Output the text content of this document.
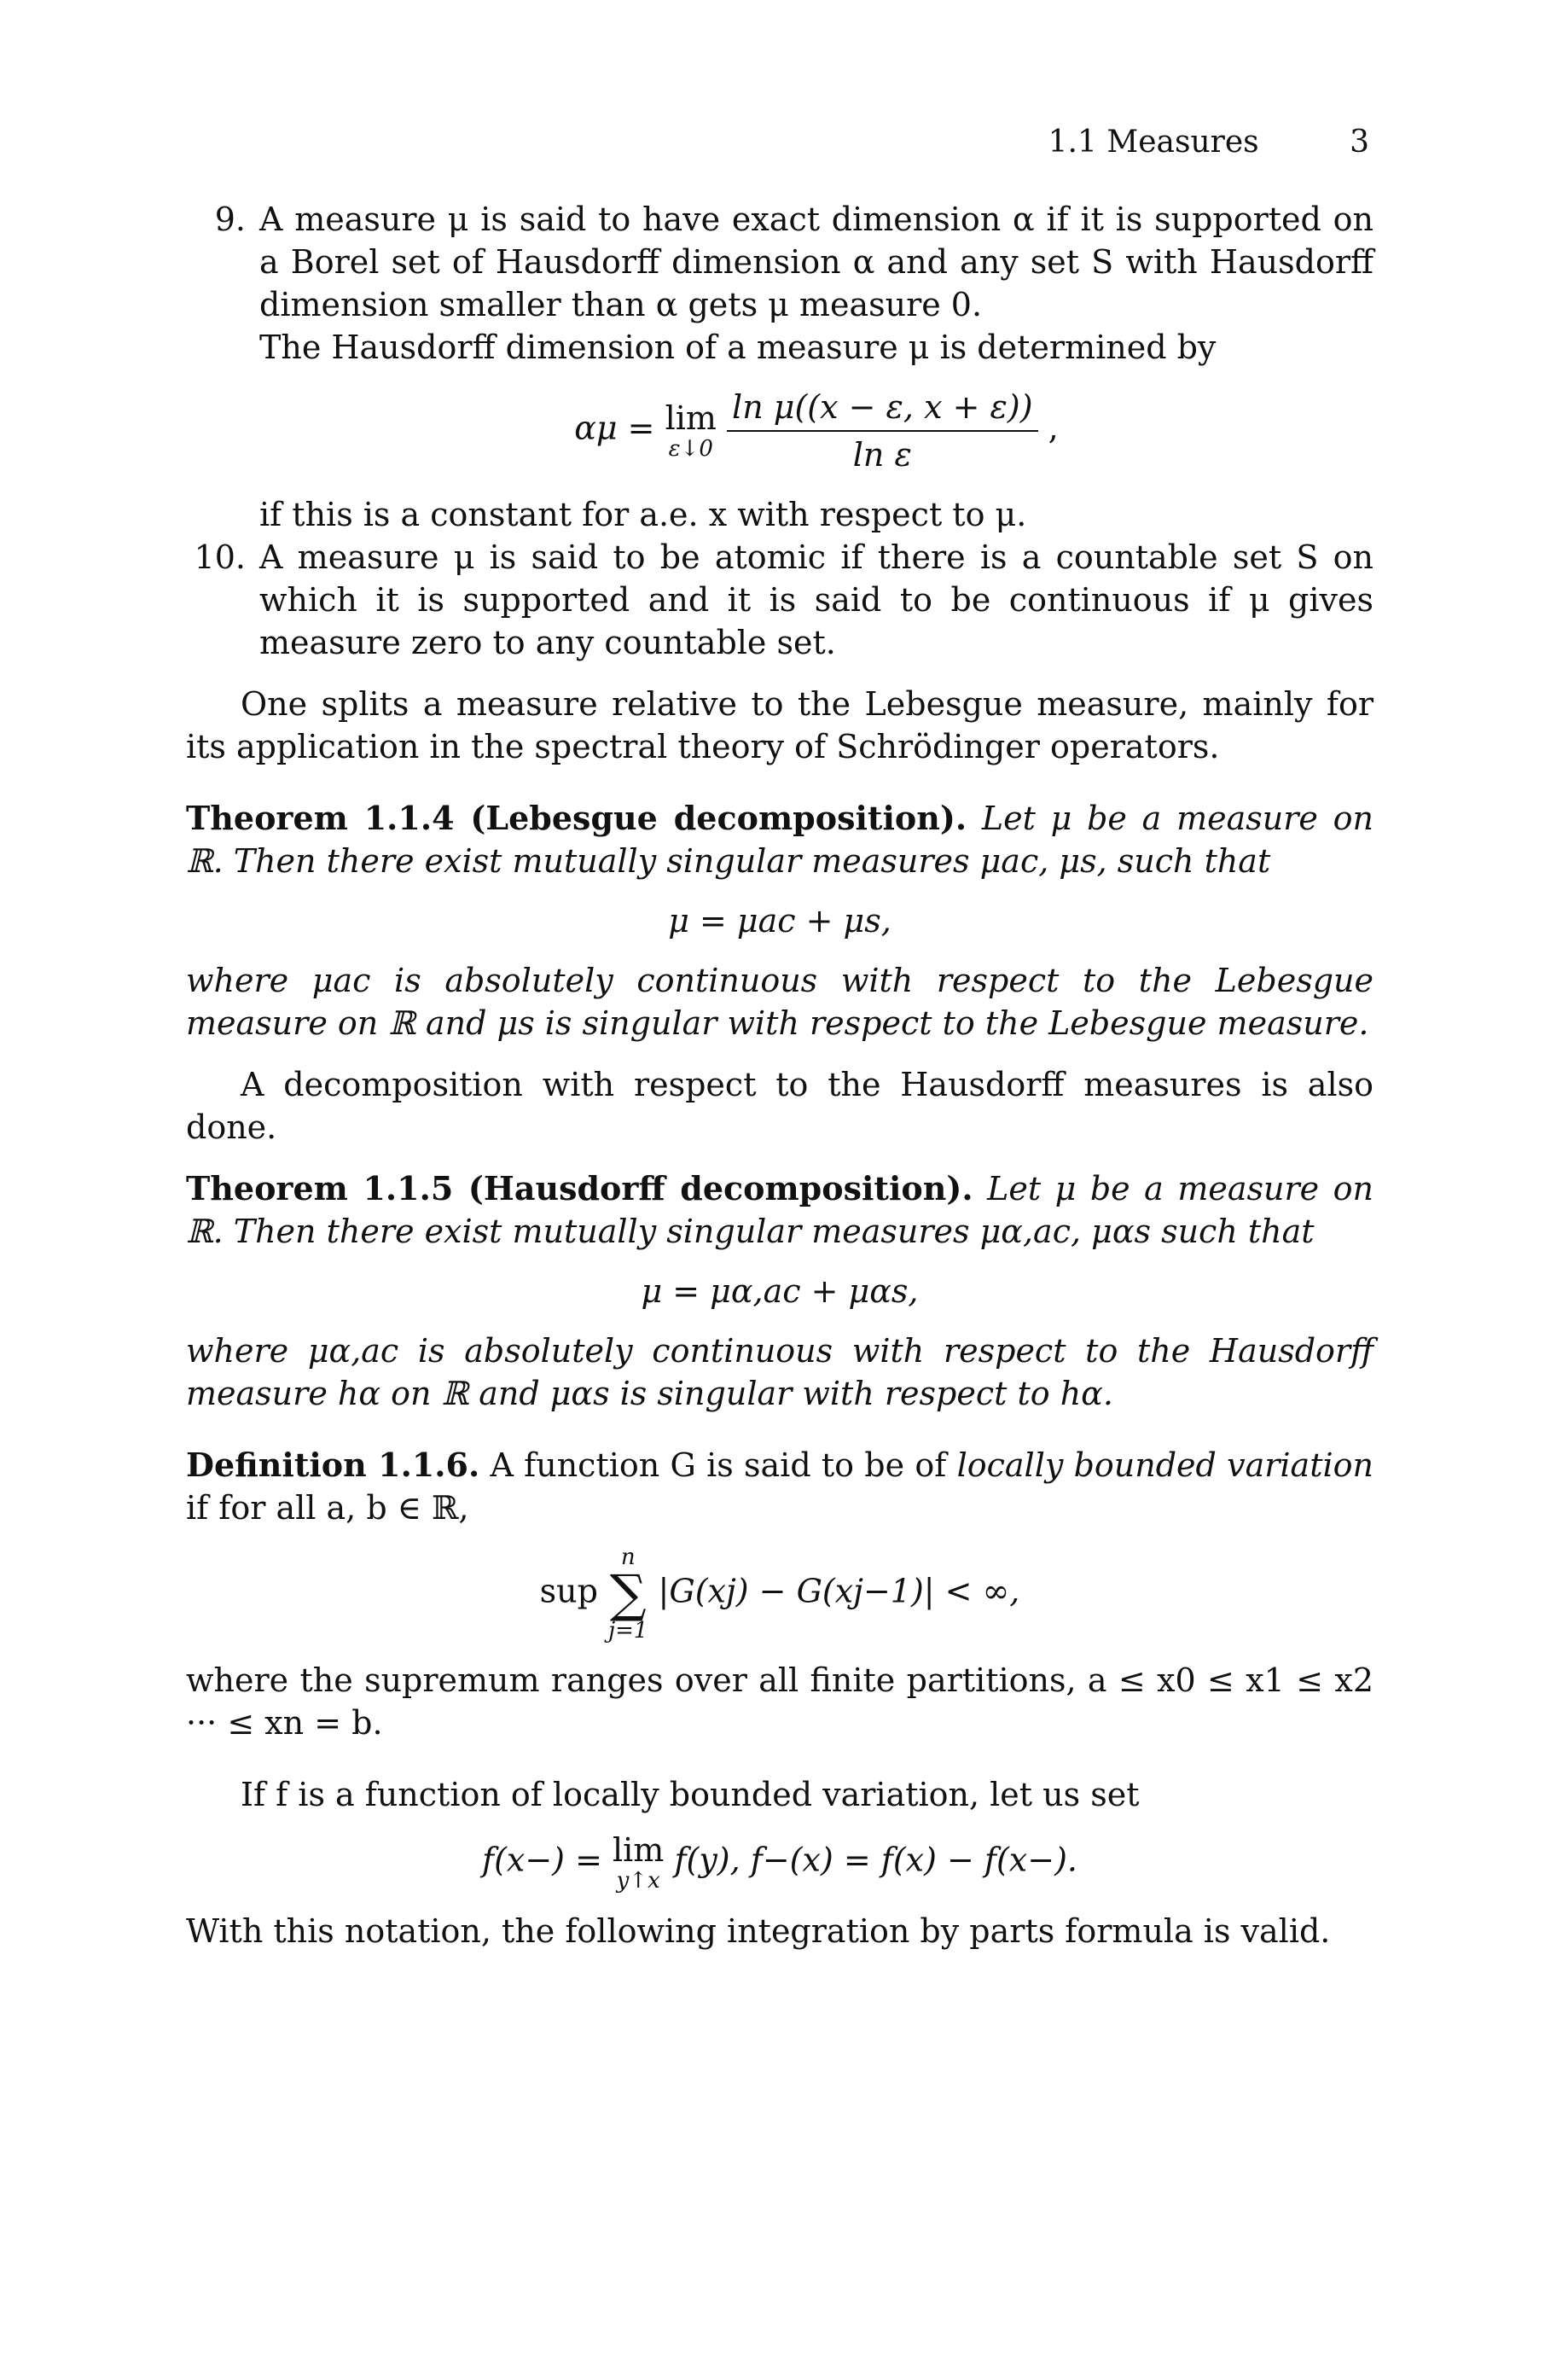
1.1 Measures	3
9. A measure μ is said to have exact dimension α if it is supported on a Borel set of Hausdorff dimension α and any set S with Hausdorff dimension smaller than α gets μ measure 0.
The Hausdorff dimension of a measure μ is determined by
αμ = lim
ε↓0
$\frac{\text{ln μ((x − ε, x + ε))}}{\text{ln ε}}$ ,
if this is a constant for a.e. x with respect to μ.
10. A measure μ is said to be atomic if there is a countable set S on which it is supported and it is said to be continuous if μ gives measure zero to any countable set.
One splits a measure relative to the Lebesgue measure, mainly for its application in the spectral theory of Schrödinger operators.
Theorem 1.1.4 (Lebesgue decomposition). Let μ be a measure on ℝ. Then there exist mutually singular measures μac, μs, such that
μ = μac + μs,
where μac is absolutely continuous with respect to the Lebesgue measure on ℝ and μs is singular with respect to the Lebesgue measure.
A decomposition with respect to the Hausdorff measures is also done.
Theorem 1.1.5 (Hausdorff decomposition). Let μ be a measure on ℝ. Then there exist mutually singular measures μα,ac, μαs such that
μ = μα,ac + μαs,
where μα,ac is absolutely continuous with respect to the Hausdorff measure hα on ℝ and μαs is singular with respect to hα.
Definition 1.1.6. A function G is said to be of locally bounded variation if for all a, b ∈ ℝ,
sup
n
∑
j=1
|G(xj) − G(xj−1)| < ∞,
where the supremum ranges over all finite partitions, a ≤ x0 ≤ x1 ≤ x2 ··· ≤ xn = b.
If f is a function of locally bounded variation, let us set
f(x−) = lim
y↑x
f(y), f−(x) = f(x) − f(x−).
With this notation, the following integration by parts formula is valid.
